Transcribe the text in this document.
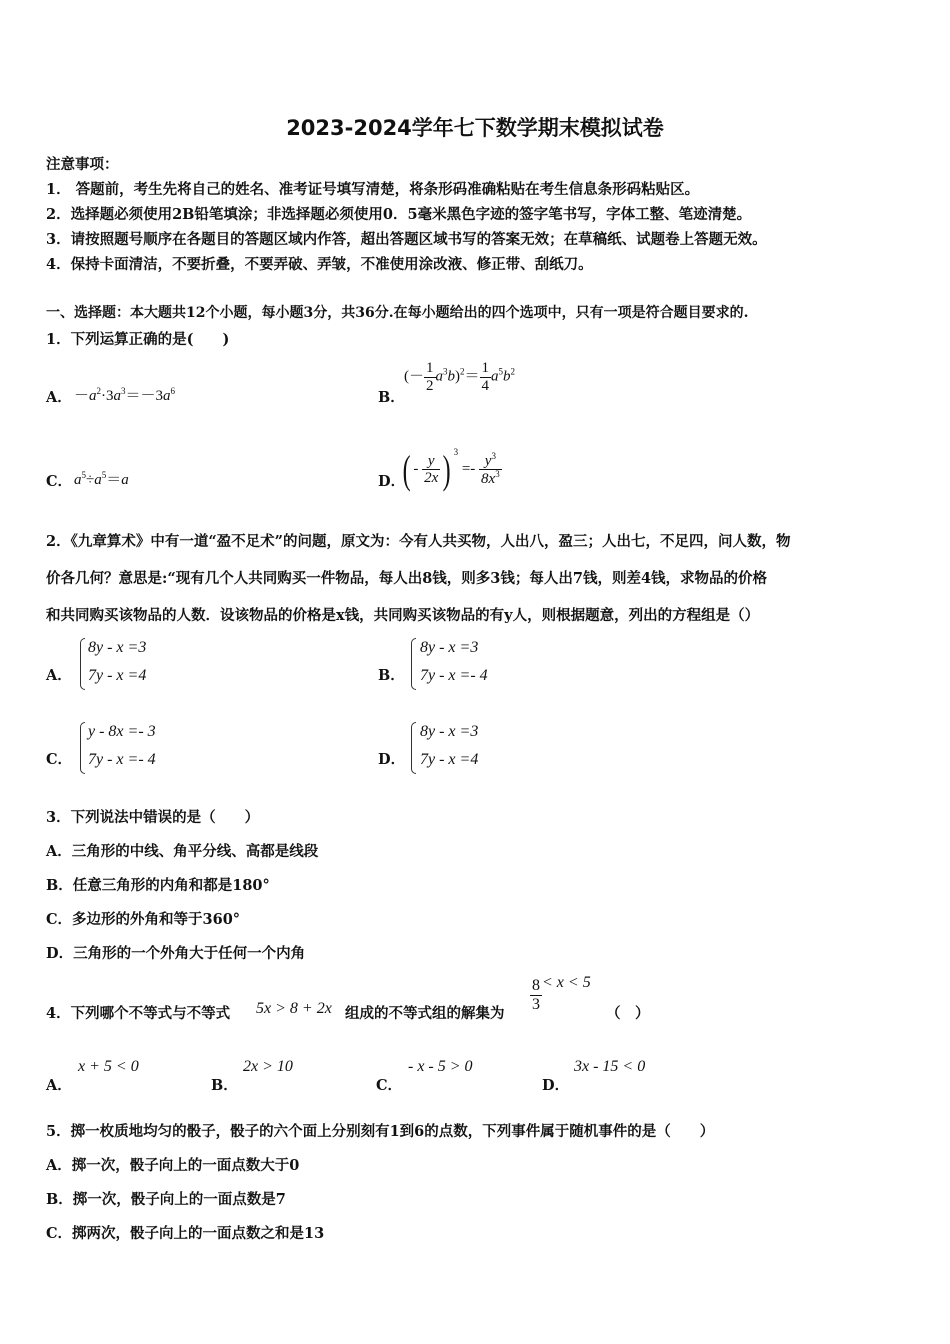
2023-2024学年七下数学期末模拟试卷
注意事项：
1． 答题前，考生先将自己的姓名、准考证号填写清楚，将条形码准确粘贴在考生信息条形码粘贴区。
2．选择题必须使用2B铅笔填涂；非选择题必须使用0．5毫米黑色字迹的签字笔书写，字体工整、笔迹清楚。
3．请按照题号顺序在各题目的答题区域内作答，超出答题区域书写的答案无效；在草稿纸、试题卷上答题无效。
4．保持卡面清洁，不要折叠，不要弄破、弄皱，不准使用涂改液、修正带、刮纸刀。
一、选择题：本大题共12个小题，每小题3分，共36分.在每小题给出的四个选项中，只有一项是符合题目要求的.
1．下列运算正确的是(　　)
A． $-a^2\cdot 3a^3=-3a^6$	B．
(－ $\frac{1}{2} a^3b)^2= \frac{1}{4} a^5b^2$
C． $a^5\div a^5=a$	D．
( - $\frac{y}{2x}$ ) $^3 =- \frac{y^3}{8x^3}$
2．《九章算术》中有一道“盈不足术”的问题，原文为：今有人共买物，人出八，盈三；人出七，不足四，问人数，物
价各几何？意思是:“现有几个人共同购买一件物品，每人出8钱，则多3钱；每人出7钱，则差4钱，求物品的价格
和共同购买该物品的人数．设该物品的价格是x钱，共同购买该物品的有y人，则根据题意，列出的方程组是（）
A．
8y - x =3
7y - x =4	B．
8y - x =3
7y - x =- 4
C．
y - 8x =- 3
7y - x =- 4	D．
8y - x =3
7y - x =4
3．下列说法中错误的是（　　）
A．三角形的中线、角平分线、高都是线段
B．任意三角形的内角和都是180°
C．多边形的外角和等于360°
D．三角形的一个外角大于任何一个内角
4．下列哪个不等式与不等式 5x > 8 + 2x 组成的不等式组的解集为
$\frac{8}{3} < x < 5$
（　）
A．
x + 5 < 0
B．
2x > 10
C．
- x - 5 > 0
D．
3x - 15 < 0
5．掷一枚质地均匀的骰子，骰子的六个面上分别刻有1到6的点数，下列事件属于随机事件的是（　　）
A．掷一次，骰子向上的一面点数大于0
B．掷一次，骰子向上的一面点数是7
C．掷两次，骰子向上的一面点数之和是13
